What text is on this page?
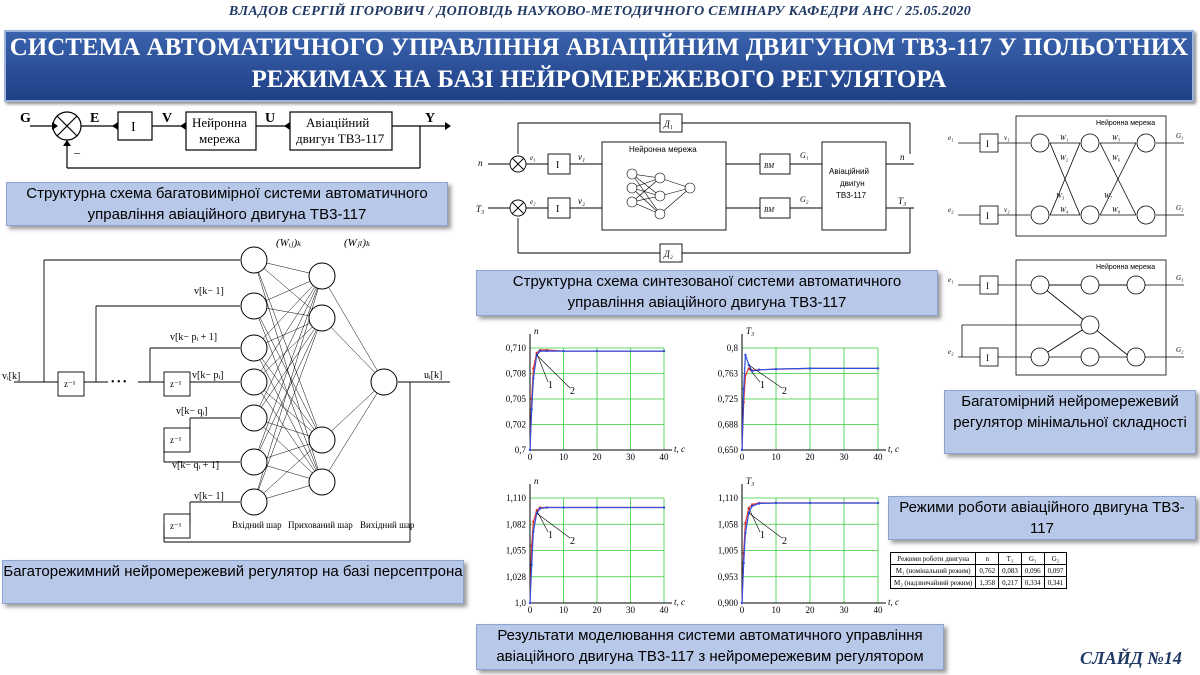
ВЛАДОВ СЕРГІЙ ІГОРОВИЧ / ДОПОВІДЬ НАУКОВО-МЕТОДИЧНОГО СЕМІНАРУ КАФЕДРИ АНС / 25.05.2020
СИСТЕМА АВТОМАТИЧНОГО УПРАВЛІННЯ АВІАЦІЙНИМ ДВИГУНОМ ТВ3-117 У ПОЛЬОТНИХ
РЕЖИМАХ НА БАЗІ НЕЙРОМЕРЕЖЕВОГО РЕГУЛЯТОРА
G	E	V	U	Y
–
I	Нейронна
мережа
Авіаційний
двигун ТВ3-117
Структурна схема багатовимірної системи автоматичного управління авіаційного двигуна ТВ3-117
(Wᵢⱼ)ₖ	(Wⱼₗ)ₖ
v[k− 1]
v[k− pᵢ + 1]
v[k− pᵢ]
v[k− qᵢ]
v[k− qᵢ + 1]
v[k− 1]
vᵢ[k]	uᵢ[k]
z⁻¹	z⁻¹
z⁻¹
z⁻¹
• • •
Вхідний шар Прихований шар Вихідний шар
Багаторежимний нейромережевий регулятор на базі персептрона
Нейронна мережа
Авіаційний
двигун
ТВ3-117
Д₁
Д₂
I
I
v₁
v₂
e₁
e₂
BM
BM
G₁
G₂
n
T₃
n
T₃
Структурна схема синтезованої системи автоматичного управління авіаційного двигуна ТВ3-117
Нейронна мережа
Нейронна мережа
I
I
I
I
e₁
e₂
e₁
e₂
v₁
v₂
W₁
W₂
W₃
W₄
W₅
W₆
W₇
W₈
G₁
G₂
G₁
G₂
Багатомірний нейромережевий регулятор мінімальної складності
0,7
0,702
0,705
0,708
0,710
0	10	20	30	40
t, c
n
1
2
0,650
0,688
0,725
0,763
0,8
0	10	20	30	40
t, c
T₃
1
2
1,0
1,028
1,055
1,082
1,110
0	10	20	30	40
t, c
n
1
2
0,900
0,953
1,005
1,058
1,110
0	10	20	30	40
t, c
T₃
1
2
Режими роботи авіаційного двигуна ТВ3-117
Режими роботи двигуна	n	T₃	G₁	G₂
M₁ (номінальний режим)	0,762	0,083	0,096	0,097
M₂ (надзвичайний режим)	1,358	0,217	0,334	0,341
Результати моделювання системи автоматичного управління авіаційного двигуна ТВ3-117 з нейромережевим регулятором	СЛАЙД №14
